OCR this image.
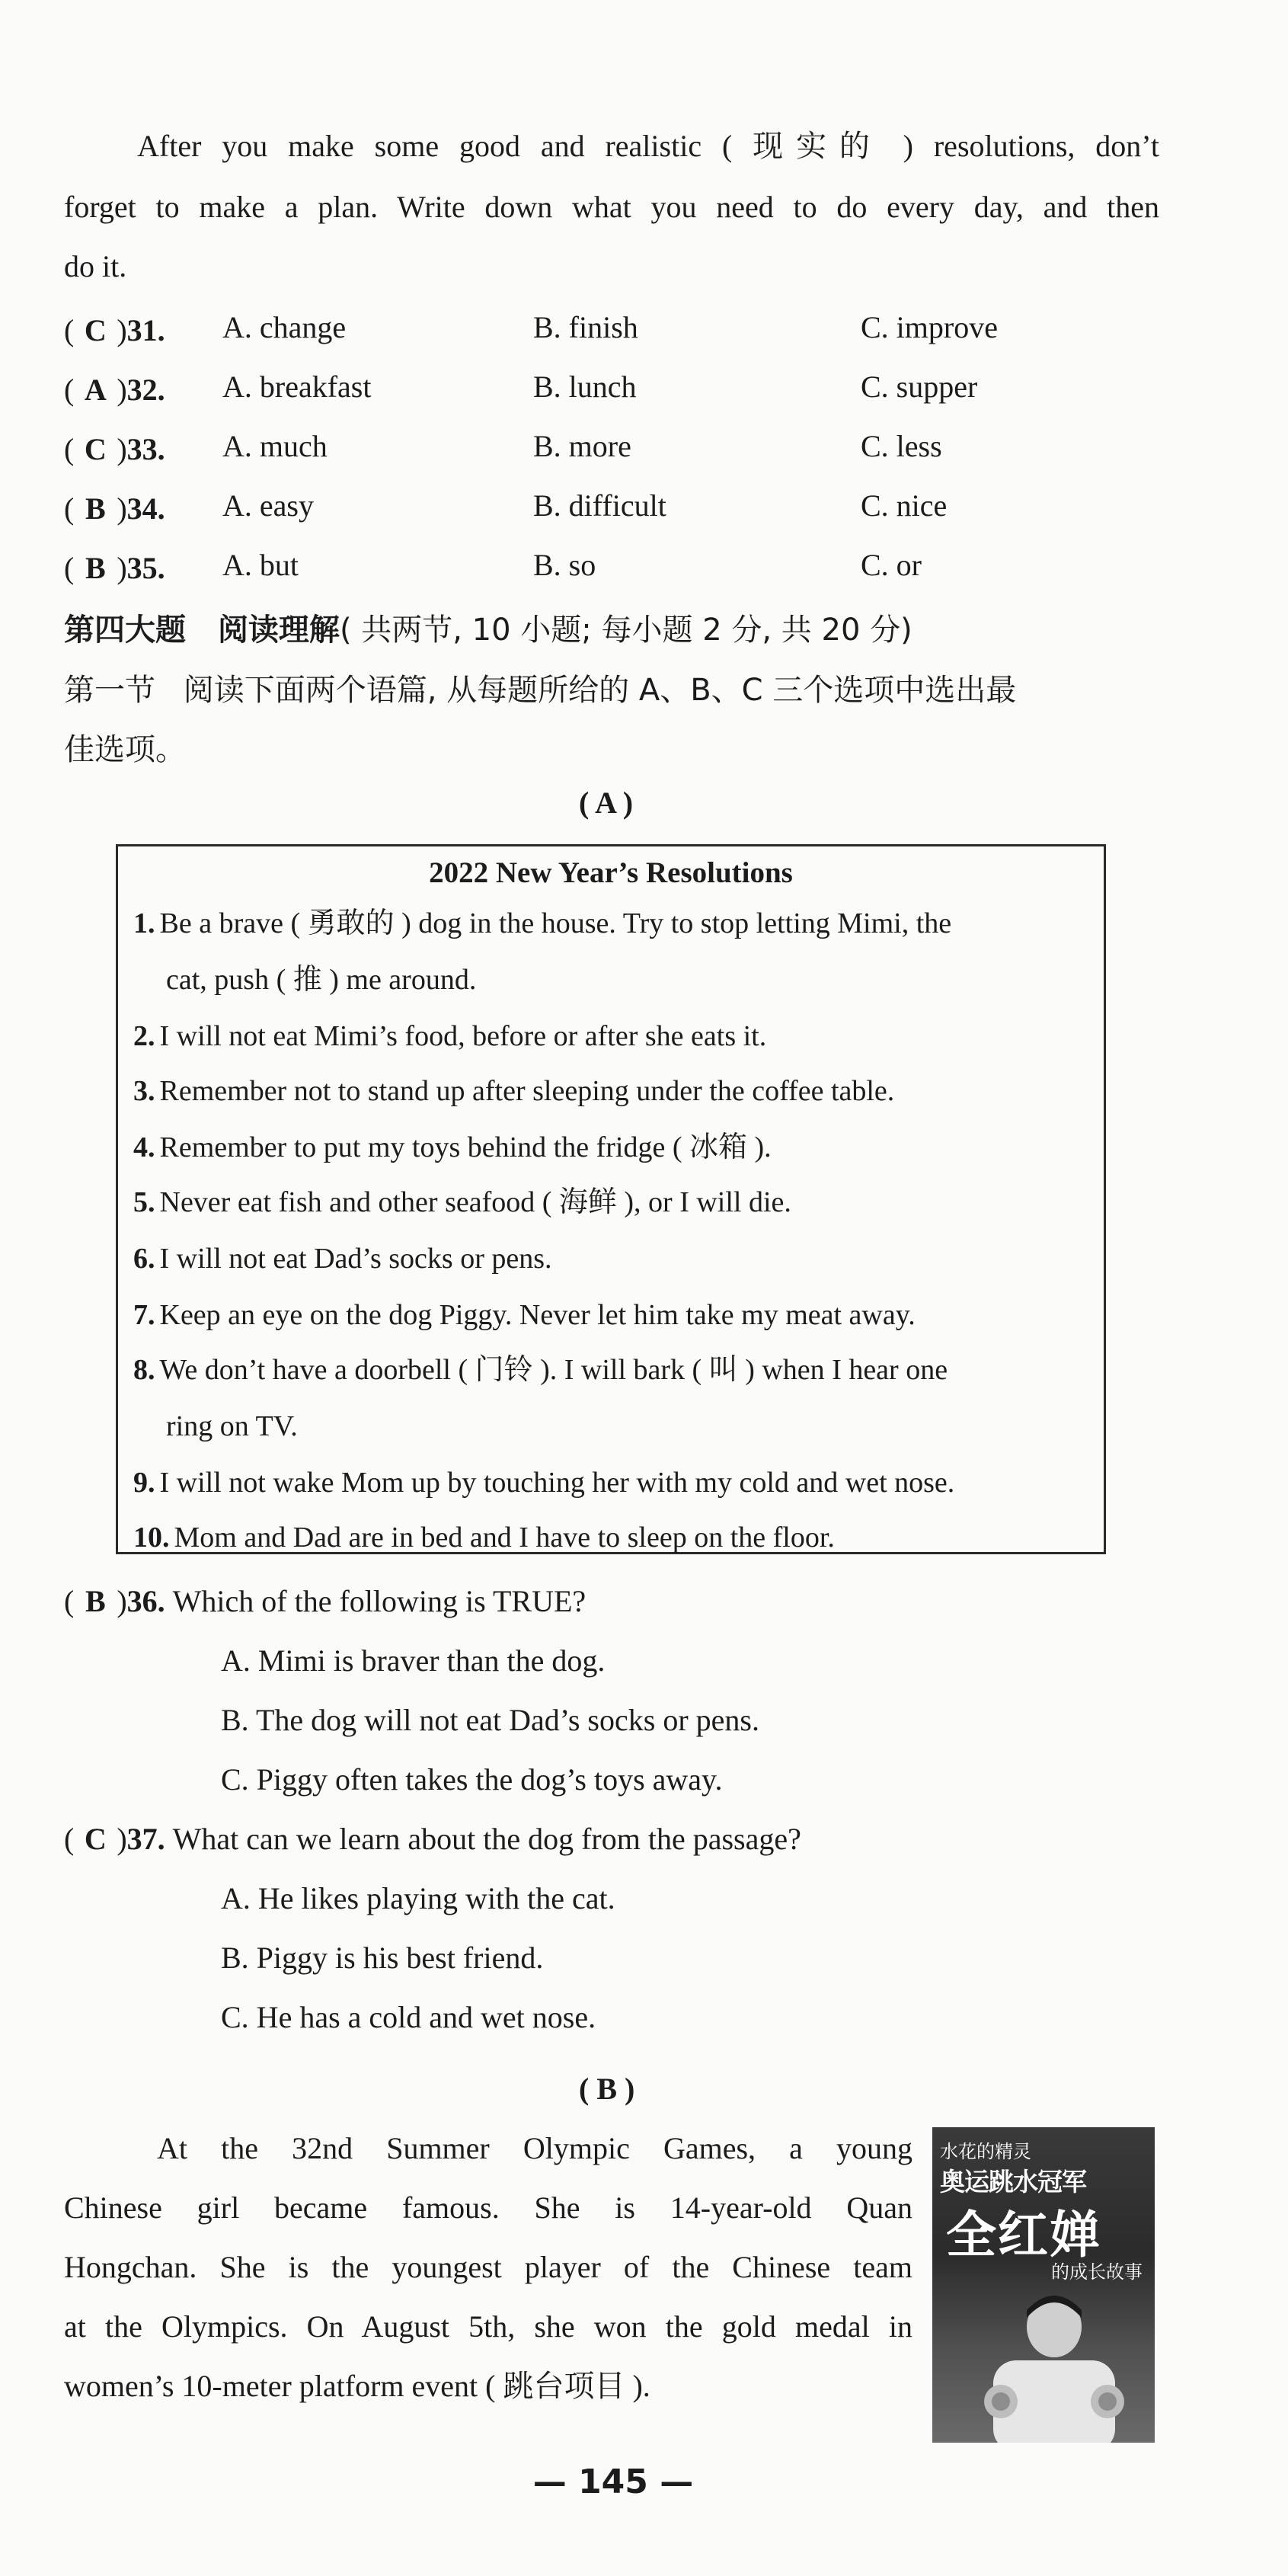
After you make some good and realistic ( 现实的 ) resolutions, don’t
forget to make a plan. Write down what you need to do every day, and then
do it.
( C )31. A. change	B. finish	C. improve
( A )32. A. breakfast	B. lunch	C. supper
( C )33. A. much	B. more	C. less
( B )34. A. easy	B. difficult	C. nice
( B )35. A. but	B. so	C. or
第四大题 阅读理解( 共两节, 10 小题; 每小题 2 分, 共 20 分)
第一节 阅读下面两个语篇, 从每题所给的 A、B、C 三个选项中选出最
佳选项。
( A )
2022 New Year’s Resolutions
1. Be a brave ( 勇敢的 ) dog in the house. Try to stop letting Mimi, the
cat, push ( 推 ) me around.
2. I will not eat Mimi’s food, before or after she eats it.
3. Remember not to stand up after sleeping under the coffee table.
4. Remember to put my toys behind the fridge ( 冰箱 ).
5. Never eat fish and other seafood ( 海鲜 ), or I will die.
6. I will not eat Dad’s socks or pens.
7. Keep an eye on the dog Piggy. Never let him take my meat away.
8. We don’t have a doorbell ( 门铃 ). I will bark ( 叫 ) when I hear one
ring on TV.
9. I will not wake Mom up by touching her with my cold and wet nose.
10. Mom and Dad are in bed and I have to sleep on the floor.
( B )36. Which of the following is TRUE?
A. Mimi is braver than the dog.
B. The dog will not eat Dad’s socks or pens.
C. Piggy often takes the dog’s toys away.
( C )37. What can we learn about the dog from the passage?
A. He likes playing with the cat.
B. Piggy is his best friend.
C. He has a cold and wet nose.
( B )
At the 32nd Summer Olympic Games, a young
Chinese girl became famous. She is 14-year-old Quan
Hongchan. She is the youngest player of the Chinese team
at the Olympics. On August 5th, she won the gold medal in
women’s 10-meter platform event ( 跳台项目 ).
水花的精灵
奥运跳水冠军
全红婵
的成长故事
— 145 —
